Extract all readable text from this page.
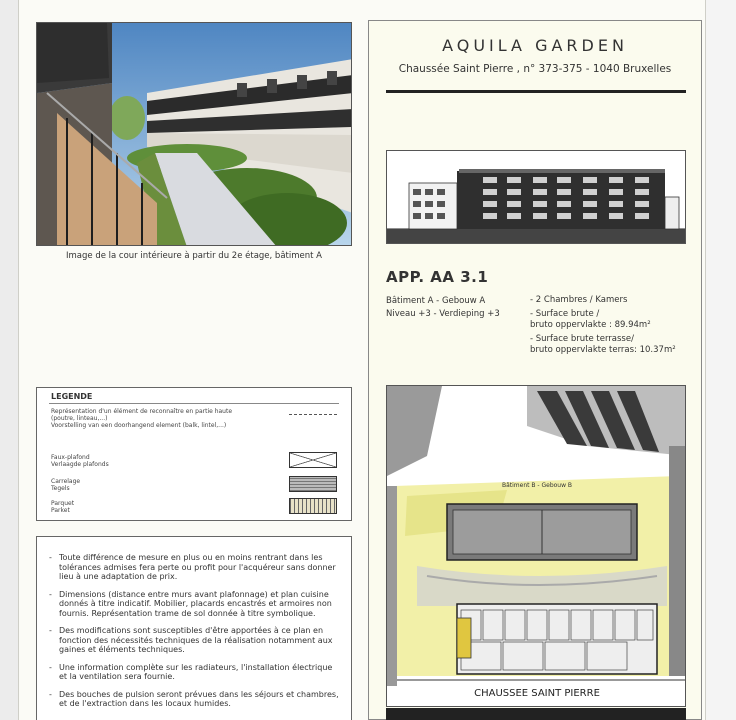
Image de la cour intérieure à partir du 2e étage, bâtiment A
AQUILA GARDEN
Chaussée Saint Pierre , n° 373-375 - 1040 Bruxelles
APP. AA 3.1
Bâtiment A - Gebouw A
Niveau +3 - Verdieping +3
- 2 Chambres / Kamers
- Surface brute /
bruto oppervlakte : 89.94m²
- Surface brute terrasse/
bruto oppervlakte terras: 10.37m²
Bâtiment B - Gebouw B
CHAUSSEE SAINT PIERRE
LEGENDE
Représentation d'un élément de reconnaître en partie haute (poutre, linteau,...)
Voorstelling van een doorhangend element (balk, lintel,...)
Faux-plafond
Verlaagde plafonds
Carrelage
Tegels
Parquet
Parket
- Toute différence de mesure en plus ou en moins rentrant dans les tolérances admises fera perte ou profit pour l'acquéreur sans donner lieu à une adaptation de prix.
- Dimensions (distance entre murs avant plafonnage) et plan cuisine donnés à titre indicatif. Mobilier, placards encastrés et armoires non fournis. Représentation trame de sol donnée à titre symbolique.
- Des modifications sont susceptibles d'être apportées à ce plan en fonction des nécessités techniques de la réalisation notamment aux gaines et éléments techniques.
- Une information complète sur les radiateurs, l'installation électrique et la ventilation sera fournie.
- Des bouches de pulsion seront prévues dans les séjours et chambres, et de l'extraction dans les locaux humides.
